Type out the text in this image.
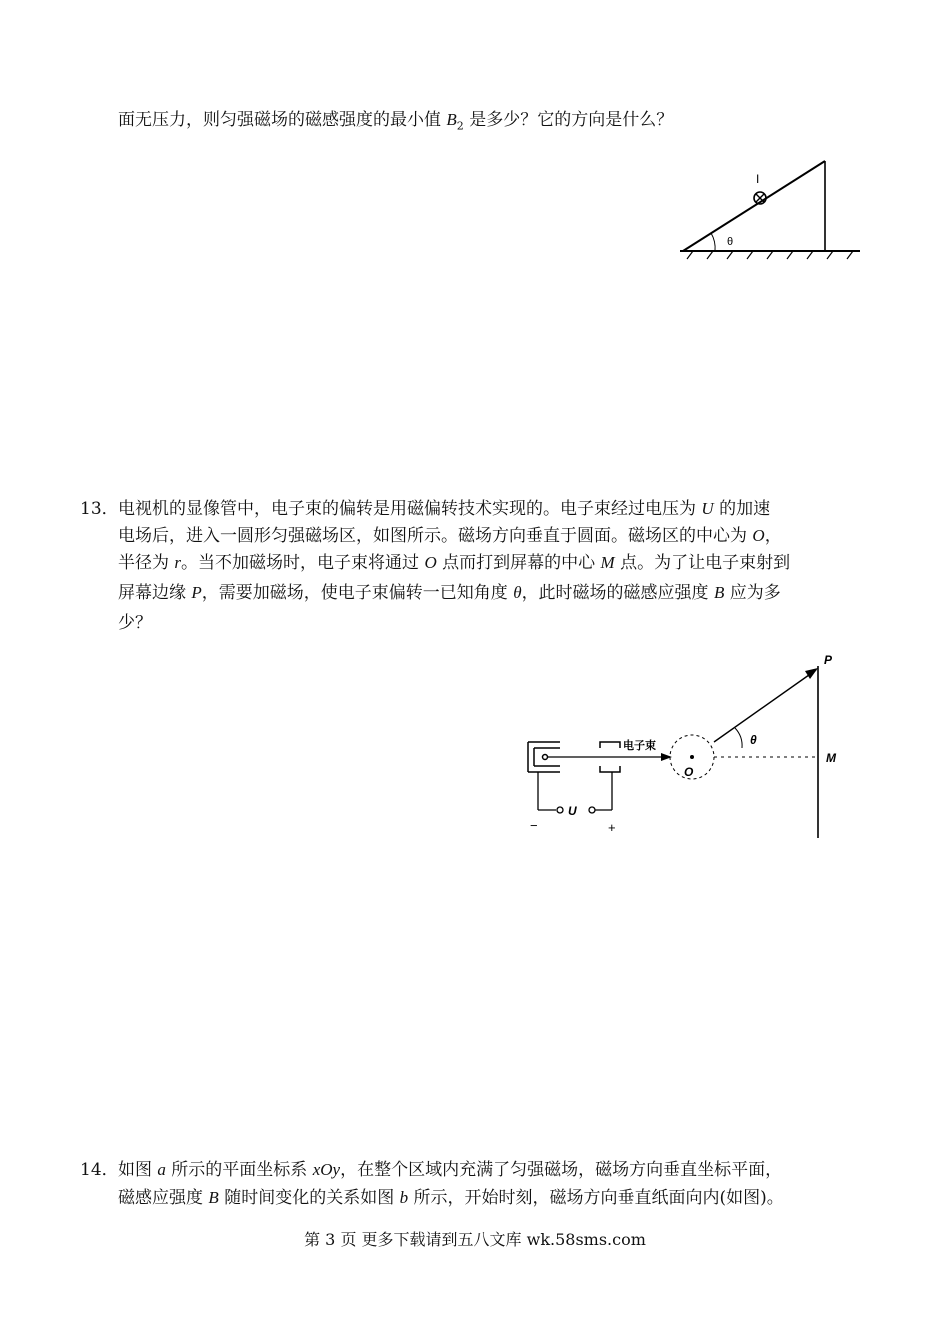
面无压力，则匀强磁场的磁感强度的最小值 $B_2$ 是多少？它的方向是什么？
θ
I
13． 电视机的显像管中，电子束的偏转是用磁偏转技术实现的。电子束经过电压为 U 的加速
电场后，进入一圆形匀强磁场区，如图所示。磁场方向垂直于圆面。磁场区的中心为 O，
半径为 r。当不加磁场时，电子束将通过 O 点而打到屏幕的中心 M 点。为了让电子束射到
屏幕边缘 P，需要加磁场，使电子束偏转一已知角度 θ，此时磁场的磁感应强度 B 应为多
少？
电子束
O
θ
P
M
U
−	+
14． 如图 a 所示的平面坐标系 xOy，在整个区域内充满了匀强磁场，磁场方向垂直坐标平面，
磁感应强度 B 随时间变化的关系如图 b 所示，开始时刻，磁场方向垂直纸面向内(如图)。
第 3 页 更多下载请到五八文库 wk.58sms.com
